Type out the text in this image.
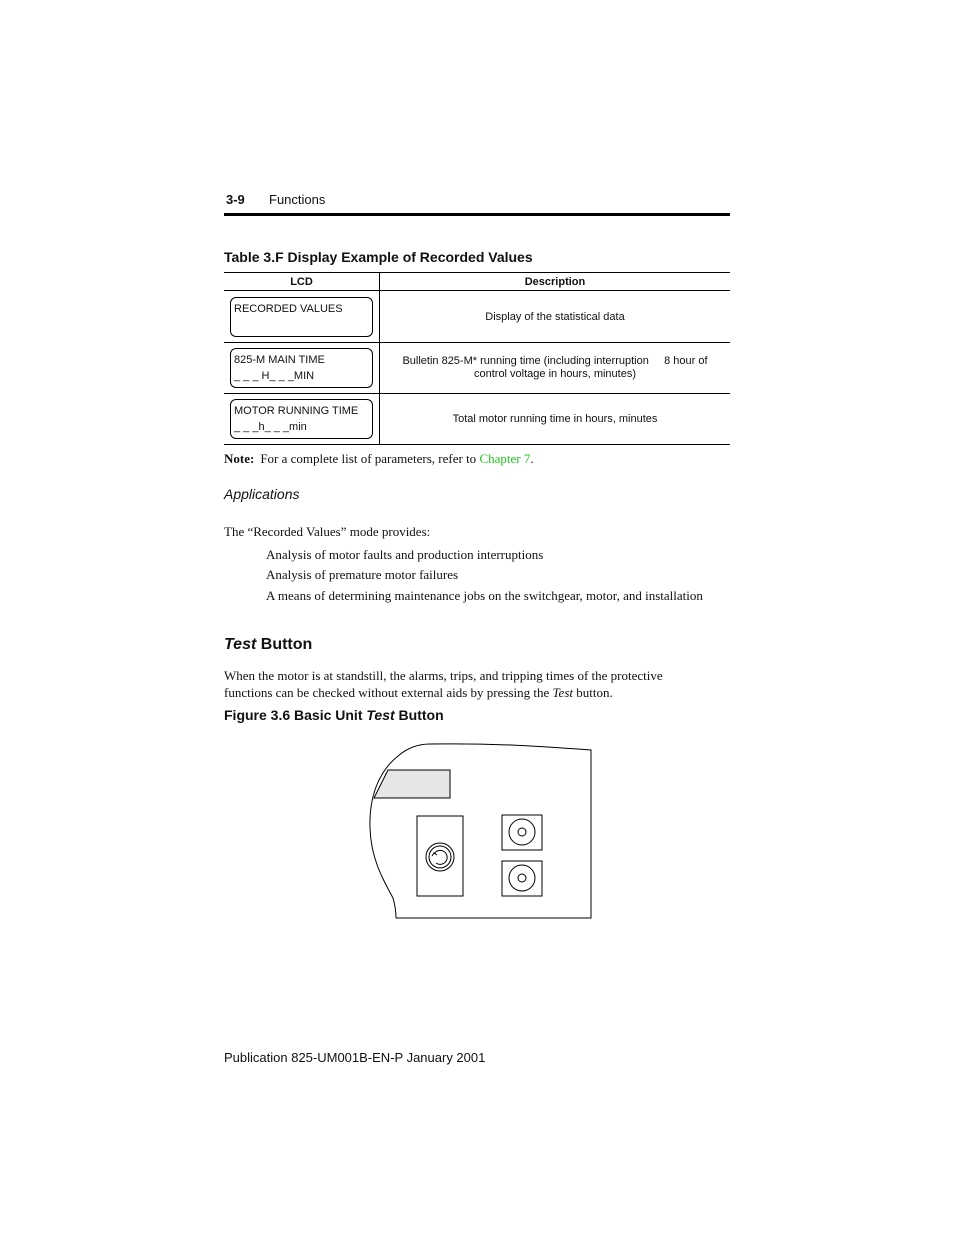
3-9 Functions
Table 3.F Display Example of Recorded Values
LCD	Description

RECORDED VALUES	Display of the statistical data

825-M MAIN TIME
_ _ _ H_ _ _MIN	Bulletin 825-M* running time (including interruption     8 hour of control voltage in hours, minutes)

MOTOR RUNNING TIME
_ _ _h_ _ _min	Total motor running time in hours, minutes
Note: For a complete list of parameters, refer to Chapter 7.
Applications
The “Recorded Values” mode provides:
Analysis of motor faults and production interruptions
Analysis of premature motor failures
A means of determining maintenance jobs on the switchgear, motor, and installation
Test Button
When the motor is at standstill, the alarms, trips, and tripping times of the protective functions can be checked without external aids by pressing the Test button.
Figure 3.6 Basic Unit Test Button
Publication 825-UM001B-EN-P January 2001
